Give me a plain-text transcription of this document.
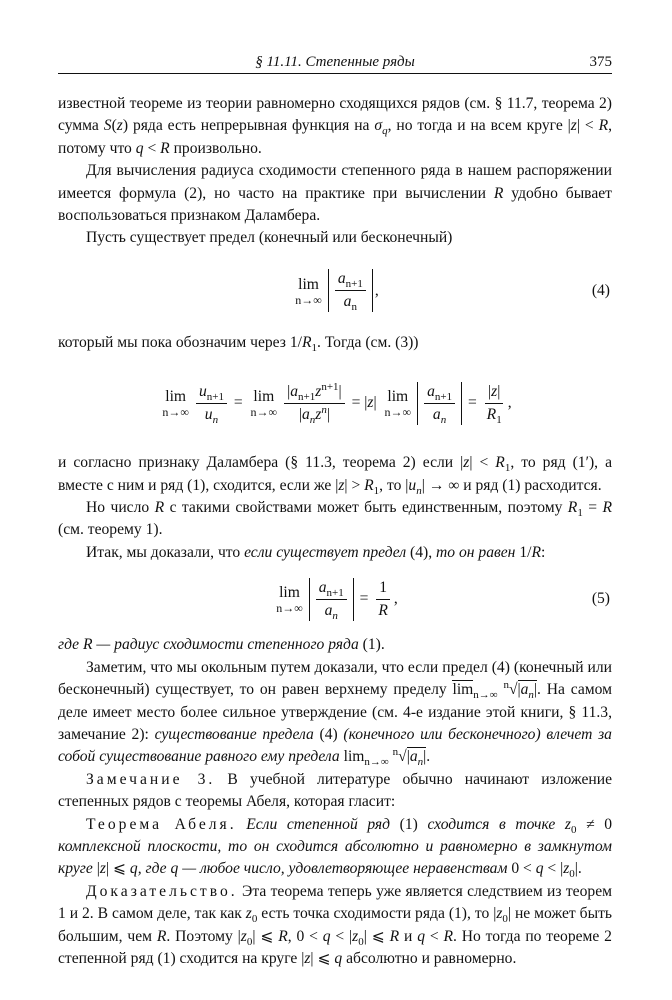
§ 11.11. Степенные ряды	375

известной теореме из теории равномерно сходящихся рядов (см. § 11.7, теорема 2) сумма S(z) ряда есть непрерывная функция на $\sigma_q$, но тогда и на всем круге |z| < R, потому что q < R произвольно.

Для вычисления радиуса сходимости степенного ряда в нашем распоряжении имеется формула (2), но часто на практике при вычислении R удобно бывает воспользоваться признаком Даламбера.

Пусть существует предел (конечный или бесконечный)

lim
$n\to\infty \frac{a_{n+1}}{a_n}$ ,	(4)

который мы пока обозначим через $1/R_1$. Тогда (см. (3))

lim
$n\to\infty \frac{u_{n+1}}{u_n} = \lim$
$n\to\infty \frac{|a_{n+1}z^{n+1}|}{|a_nz^n|}$ = | z | lim
$n\to\infty \frac{a_{n+1}}{a_n} = \frac{|z|}{R_1}$ ,

и согласно признаку Даламбера (§ 11.3, теорема 2) если $|z| < R_1$, то ряд (1′), а вместе с ним и ряд (1), сходится, если же $|z| > R_1$, то $|u_n|$ → ∞ и ряд (1) расходится.

Но число R с такими свойствами может быть единственным, поэтому $R_1 = R$ (см. теорему 1).

Итак, мы доказали, что если существует предел (4), то он равен 1/R:

lim
$n\to\infty \frac{a_{n+1}}{a_n} = \frac{1}{R}$ ,	(5)

где R — радиус сходимости степенного ряда (1).

Заметим, что мы окольным путем доказали, что если предел (4) (конечный или бесконечный) существует, то он равен верхнему пределу $\lim_{n\to\infty} ^n√|a_n|$. На самом деле имеет место более сильное утверждение (см. 4-е издание этой книги, § 11.3, замечание 2): существование предела (4) (конечного или бесконечного) влечет за собой существование равного ему предела $\lim_{n\to\infty} ^n√|a_n|$.

Замечание 3. В учебной литературе обычно начинают изложение степенных рядов с теоремы Абеля, которая гласит:

Теорема Абеля. Если степенной ряд (1) сходится в точке $z_0 \ne 0$ комплексной плоскости, то он сходится абсолютно и равномерно в замкнутом круге |z| ⩽ q, где q — любое число, удовлетворяющее неравенствам $0 < q < |z_0|$.

Доказательство. Эта теорема теперь уже является следствием из теорем 1 и 2. В самом деле, так как $z_0$ есть точка сходимости ряда (1), то $|z_0|$ не может быть большим, чем R. Поэтому $|z_0|$ ⩽ R, $0 < q < |z_0|$ ⩽ R и q < R. Но тогда по теореме 2 степенной ряд (1) сходится на круге |z| ⩽ q абсолютно и равномерно.
